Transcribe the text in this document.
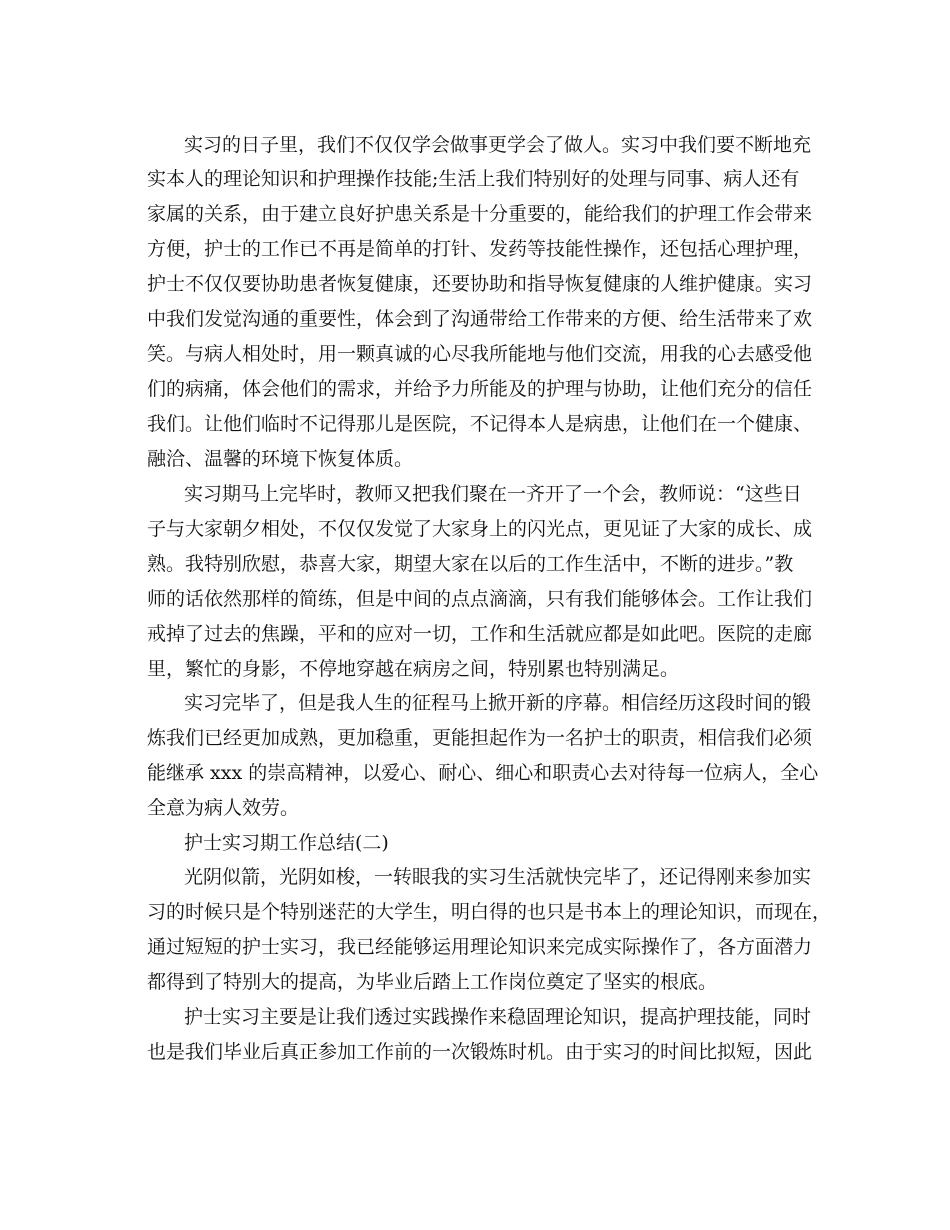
实习的日子里，我们不仅仅学会做事更学会了做人。实习中我们要不断地充
实本人的理论知识和护理操作技能;生活上我们特别好的处理与同事、病人还有
家属的关系，由于建立良好护患关系是十分重要的，能给我们的护理工作会带来
方便，护士的工作已不再是简单的打针、发药等技能性操作，还包括心理护理，
护士不仅仅要协助患者恢复健康，还要协助和指导恢复健康的人维护健康。实习
中我们发觉沟通的重要性，体会到了沟通带给工作带来的方便、给生活带来了欢
笑。与病人相处时，用一颗真诚的心尽我所能地与他们交流，用我的心去感受他
们的病痛，体会他们的需求，并给予力所能及的护理与协助，让他们充分的信任
我们。让他们临时不记得那儿是医院，不记得本人是病患，让他们在一个健康、
融洽、温馨的环境下恢复体质。
实习期马上完毕时，教师又把我们聚在一齐开了一个会，教师说：“这些日
子与大家朝夕相处，不仅仅发觉了大家身上的闪光点，更见证了大家的成长、成
熟。我特别欣慰，恭喜大家，期望大家在以后的工作生活中，不断的进步。”教
师的话依然那样的简练，但是中间的点点滴滴，只有我们能够体会。工作让我们
戒掉了过去的焦躁，平和的应对一切，工作和生活就应都是如此吧。医院的走廊
里，繁忙的身影，不停地穿越在病房之间，特别累也特别满足。
实习完毕了，但是我人生的征程马上掀开新的序幕。相信经历这段时间的锻
炼我们已经更加成熟，更加稳重，更能担起作为一名护士的职责，相信我们必须
能继承 xxx 的崇高精神，以爱心、耐心、细心和职责心去对待每一位病人，全心
全意为病人效劳。
护士实习期工作总结(二)
光阴似箭，光阴如梭，一转眼我的实习生活就快完毕了，还记得刚来参加实
习的时候只是个特别迷茫的大学生，明白得的也只是书本上的理论知识，而现在，
通过短短的护士实习，我已经能够运用理论知识来完成实际操作了，各方面潜力
都得到了特别大的提高，为毕业后踏上工作岗位奠定了坚实的根底。
护士实习主要是让我们透过实践操作来稳固理论知识，提高护理技能，同时
也是我们毕业后真正参加工作前的一次锻炼时机。由于实习的时间比拟短，因此
